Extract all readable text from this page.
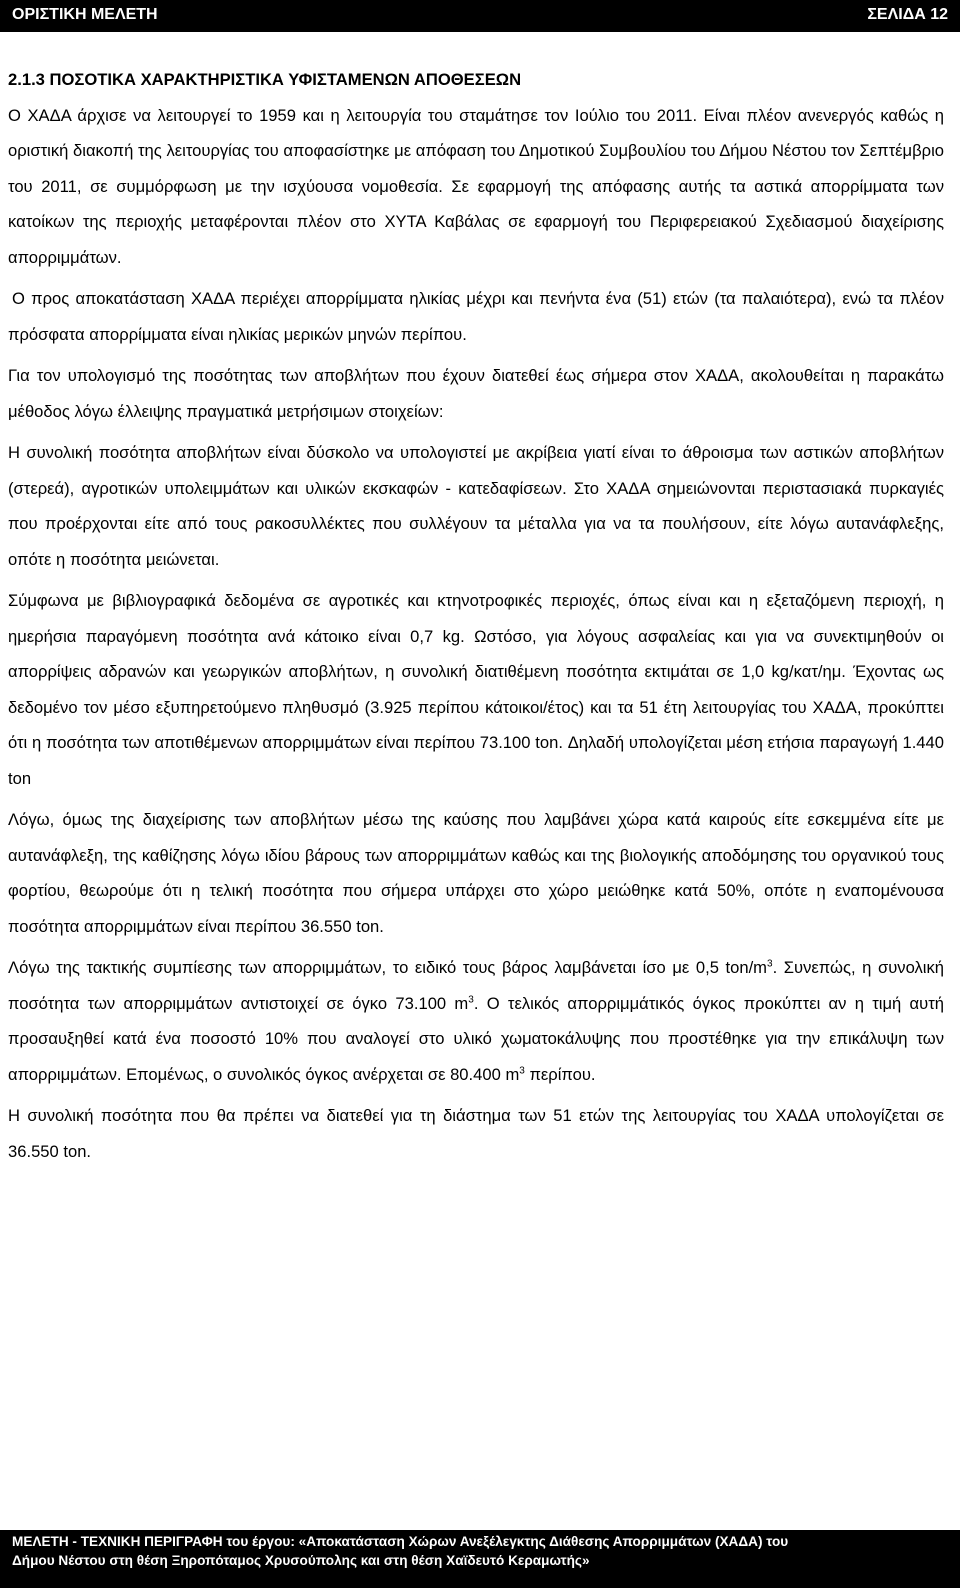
ΟΡΙΣΤΙΚΗ ΜΕΛΕΤΗ	ΣΕΛΙΔΑ 12
2.1.3 ΠΟΣΟΤΙΚΑ ΧΑΡΑΚΤΗΡΙΣΤΙΚΑ ΥΦΙΣΤΑΜΕΝΩΝ ΑΠΟΘΕΣΕΩΝ

Ο ΧΑΔΑ άρχισε να λειτουργεί το 1959 και η λειτουργία του σταμάτησε τον Ιούλιο του 2011. Είναι πλέον ανενεργός καθώς η οριστική διακοπή της λειτουργίας του αποφασίστηκε με απόφαση του Δημοτικού Συμβουλίου του Δήμου Νέστου τον Σεπτέμβριο του 2011, σε συμμόρφωση με την ισχύουσα νομοθεσία. Σε εφαρμογή της απόφασης αυτής τα αστικά απορρίμματα των κατοίκων της περιοχής μεταφέρονται πλέον στο ΧΥΤΑ Καβάλας σε εφαρμογή του Περιφερειακού Σχεδιασμού διαχείρισης απορριμμάτων.

Ο προς αποκατάσταση ΧΑΔΑ περιέχει απορρίμματα ηλικίας μέχρι και πενήντα ένα (51) ετών (τα παλαιότερα), ενώ τα πλέον πρόσφατα απορρίμματα είναι ηλικίας μερικών μηνών περίπου.

Για τον υπολογισμό της ποσότητας των αποβλήτων που έχουν διατεθεί έως σήμερα στον ΧΑΔΑ, ακολουθείται η παρακάτω μέθοδος λόγω έλλειψης πραγματικά μετρήσιμων στοιχείων:

Η συνολική ποσότητα αποβλήτων είναι δύσκολο να υπολογιστεί με ακρίβεια γιατί είναι το άθροισμα των αστικών αποβλήτων (στερεά), αγροτικών υπολειμμάτων και υλικών εκσκαφών - κατεδαφίσεων. Στο ΧΑΔΑ σημειώνονται περιστασιακά πυρκαγιές που προέρχονται είτε από τους ρακοσυλλέκτες που συλλέγουν τα μέταλλα για να τα πουλήσουν, είτε λόγω αυτανάφλεξης, οπότε η ποσότητα μειώνεται.

Σύμφωνα με βιβλιογραφικά δεδομένα σε αγροτικές και κτηνοτροφικές περιοχές, όπως είναι και η εξεταζόμενη περιοχή, η ημερήσια παραγόμενη ποσότητα ανά κάτοικο είναι 0,7 kg. Ωστόσο, για λόγους ασφαλείας και για να συνεκτιμηθούν οι απορρίψεις αδρανών και γεωργικών αποβλήτων, η συνολική διατιθέμενη ποσότητα εκτιμάται σε 1,0 kg/κατ/ημ. Έχοντας ως δεδομένο τον μέσο εξυπηρετούμενο πληθυσμό (3.925 περίπου κάτοικοι/έτος) και τα 51 έτη λειτουργίας του ΧΑΔΑ, προκύπτει ότι η ποσότητα των αποτιθέμενων απορριμμάτων είναι περίπου 73.100 ton. Δηλαδή υπολογίζεται μέση ετήσια παραγωγή 1.440 ton

Λόγω, όμως της διαχείρισης των αποβλήτων μέσω της καύσης που λαμβάνει χώρα κατά καιρούς είτε εσκεμμένα είτε με αυτανάφλεξη, της καθίζησης λόγω ιδίου βάρους των απορριμμάτων καθώς και της βιολογικής αποδόμησης του οργανικού τους φορτίου, θεωρούμε ότι η τελική ποσότητα που σήμερα υπάρχει στο χώρο μειώθηκε κατά 50%, οπότε η εναπομένουσα ποσότητα απορριμμάτων είναι περίπου 36.550 ton.

Λόγω της τακτικής συμπίεσης των απορριμμάτων, το ειδικό τους βάρος λαμβάνεται ίσο με 0,5 ton/$m^3$. Συνεπώς, η συνολική ποσότητα των απορριμμάτων αντιστοιχεί σε όγκο 73.100 $m^3$. Ο τελικός απορριμμάτικός όγκος προκύπτει αν η τιμή αυτή προσαυξηθεί κατά ένα ποσοστό 10% που αναλογεί στο υλικό χωματοκάλυψης που προστέθηκε για την επικάλυψη των απορριμμάτων. Επομένως, ο συνολικός όγκος ανέρχεται σε 80.400 $m^3$ περίπου.

Η συνολική ποσότητα που θα πρέπει να διατεθεί για τη διάστημα των 51 ετών της λειτουργίας του ΧΑΔΑ υπολογίζεται σε 36.550 ton.

ΜΕΛΕΤΗ - ΤΕΧΝΙΚΗ ΠΕΡΙΓΡΑΦΗ του έργου: «Αποκατάσταση Χώρων Ανεξέλεγκτης Διάθεσης Απορριμμάτων (ΧΑΔΑ) του
Δήμου Νέστου στη θέση Ξηροπόταμος Χρυσούπολης και στη θέση Χαϊδευτό Κεραμωτής»
